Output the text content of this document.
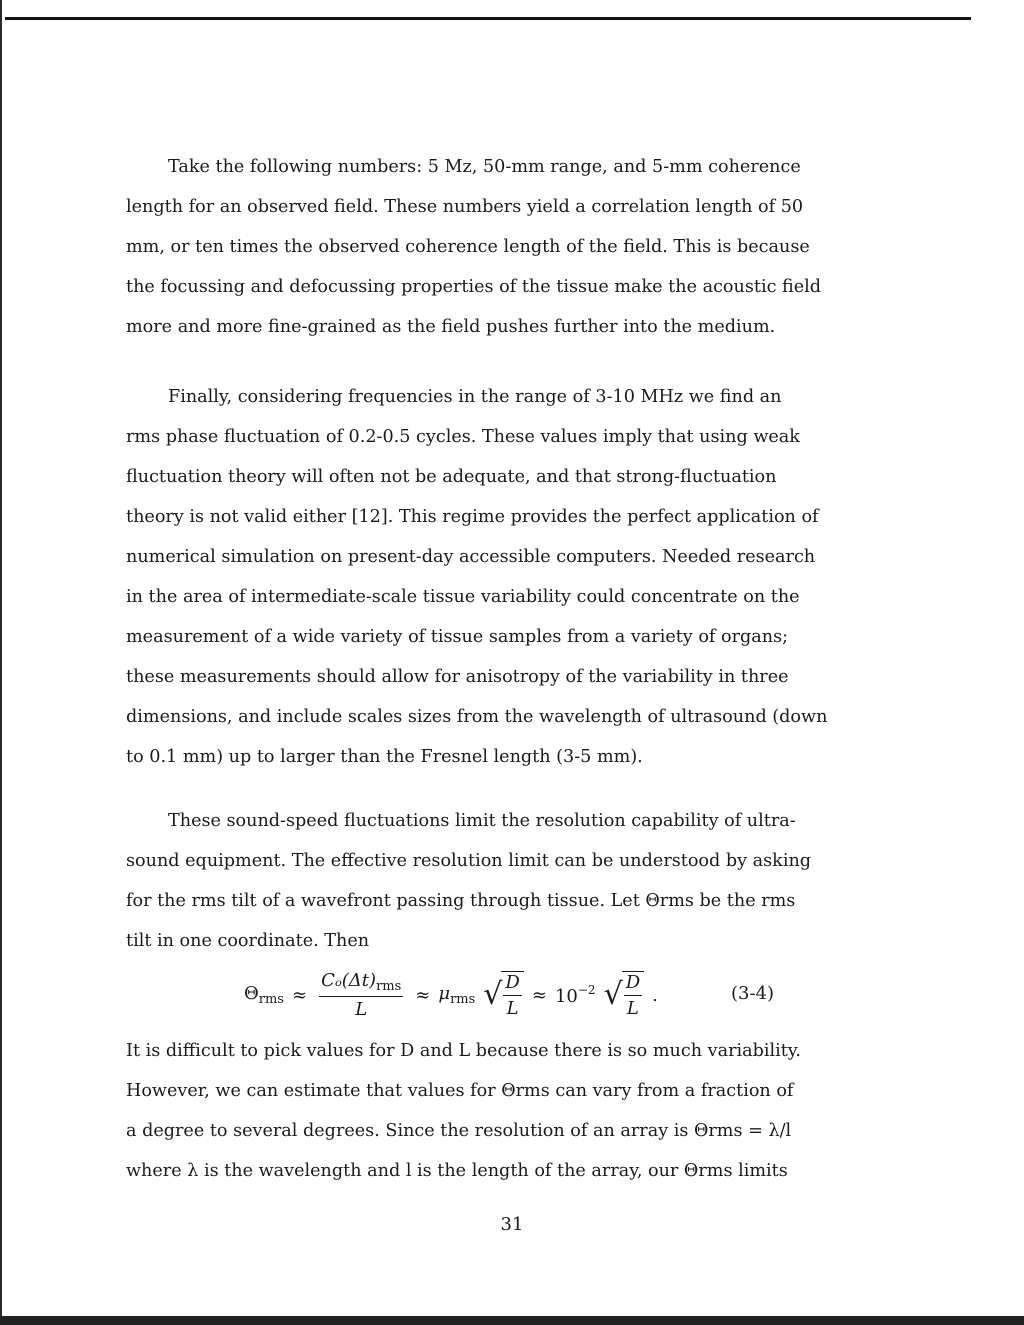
Take the following numbers: 5 Mz, 50-mm range, and 5-mm coherence
length for an observed field. These numbers yield a correlation length of 50
mm, or ten times the observed coherence length of the field. This is because
the focussing and defocussing properties of the tissue make the acoustic field
more and more fine-grained as the field pushes further into the medium.
Finally, considering frequencies in the range of 3-10 MHz we find an
rms phase fluctuation of 0.2-0.5 cycles. These values imply that using weak
fluctuation theory will often not be adequate, and that strong-fluctuation
theory is not valid either [12]. This regime provides the perfect application of
numerical simulation on present-day accessible computers. Needed research
in the area of intermediate-scale tissue variability could concentrate on the
measurement of a wide variety of tissue samples from a variety of organs;
these measurements should allow for anisotropy of the variability in three
dimensions, and include scales sizes from the wavelength of ultrasound (down
to 0.1 mm) up to larger than the Fresnel length (3-5 mm).
These sound-speed fluctuations limit the resolution capability of ultra-
sound equipment. The effective resolution limit can be understood by asking
for the rms tilt of a wavefront passing through tissue. Let Θrms be the rms
tilt in one coordinate. Then
$\Theta_{rms} \approx \frac{C_o(\Delta t)_{rms}}{L} \approx \mu_{rms}$ √ $\frac{D}{L} \approx 10^{-2}$ √ $\frac{D}{L}$ .	(3-4)
It is difficult to pick values for D and L because there is so much variability.
However, we can estimate that values for Θrms can vary from a fraction of
a degree to several degrees. Since the resolution of an array is Θrms = λ/l
where λ is the wavelength and l is the length of the array, our Θrms limits
31
